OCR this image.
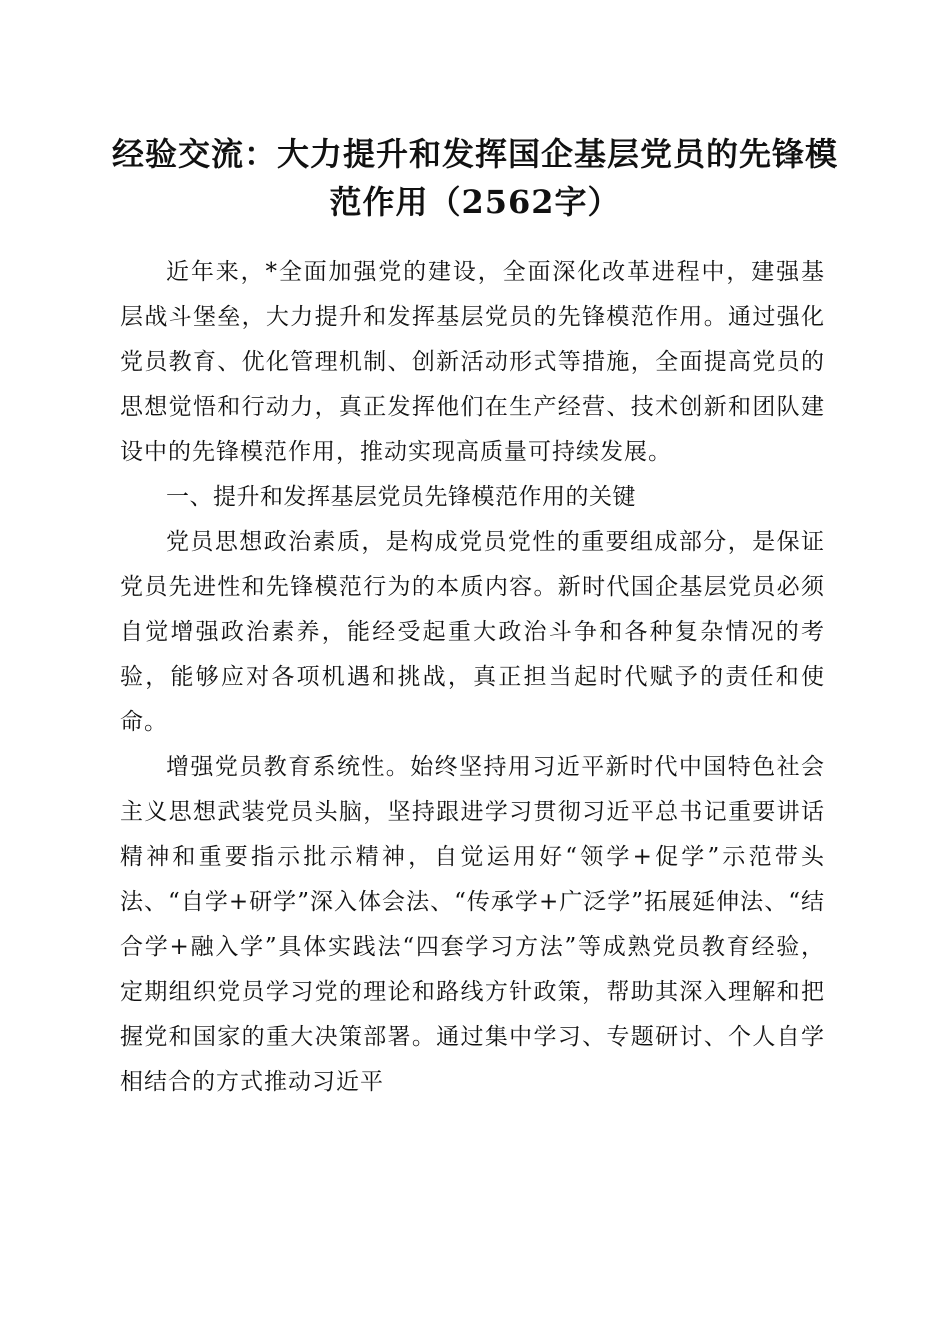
经验交流：大力提升和发挥国企基层党员的先锋模范作用（2562字）

近年来，*全面加强党的建设，全面深化改革进程中，建强基层战斗堡垒，大力提升和发挥基层党员的先锋模范作用。通过强化党员教育、优化管理机制、创新活动形式等措施，全面提高党员的思想觉悟和行动力，真正发挥他们在生产经营、技术创新和团队建设中的先锋模范作用，推动实现高质量可持续发展。

一、提升和发挥基层党员先锋模范作用的关键

党员思想政治素质，是构成党员党性的重要组成部分，是保证党员先进性和先锋模范行为的本质内容。新时代国企基层党员必须自觉增强政治素养，能经受起重大政治斗争和各种复杂情况的考验，能够应对各项机遇和挑战，真正担当起时代赋予的责任和使命。

增强党员教育系统性。始终坚持用习近平新时代中国特色社会主义思想武装党员头脑，坚持跟进学习贯彻习近平总书记重要讲话精神和重要指示批示精神，自觉运用好“领学+促学”示范带头法、“自学+研学”深入体会法、“传承学+广泛学”拓展延伸法、“结合学+融入学”具体实践法“四套学习方法”等成熟党员教育经验，定期组织党员学习党的理论和路线方针政策，帮助其深入理解和把握党和国家的重大决策部署。通过集中学习、专题研讨、个人自学相结合的方式推动习近平
